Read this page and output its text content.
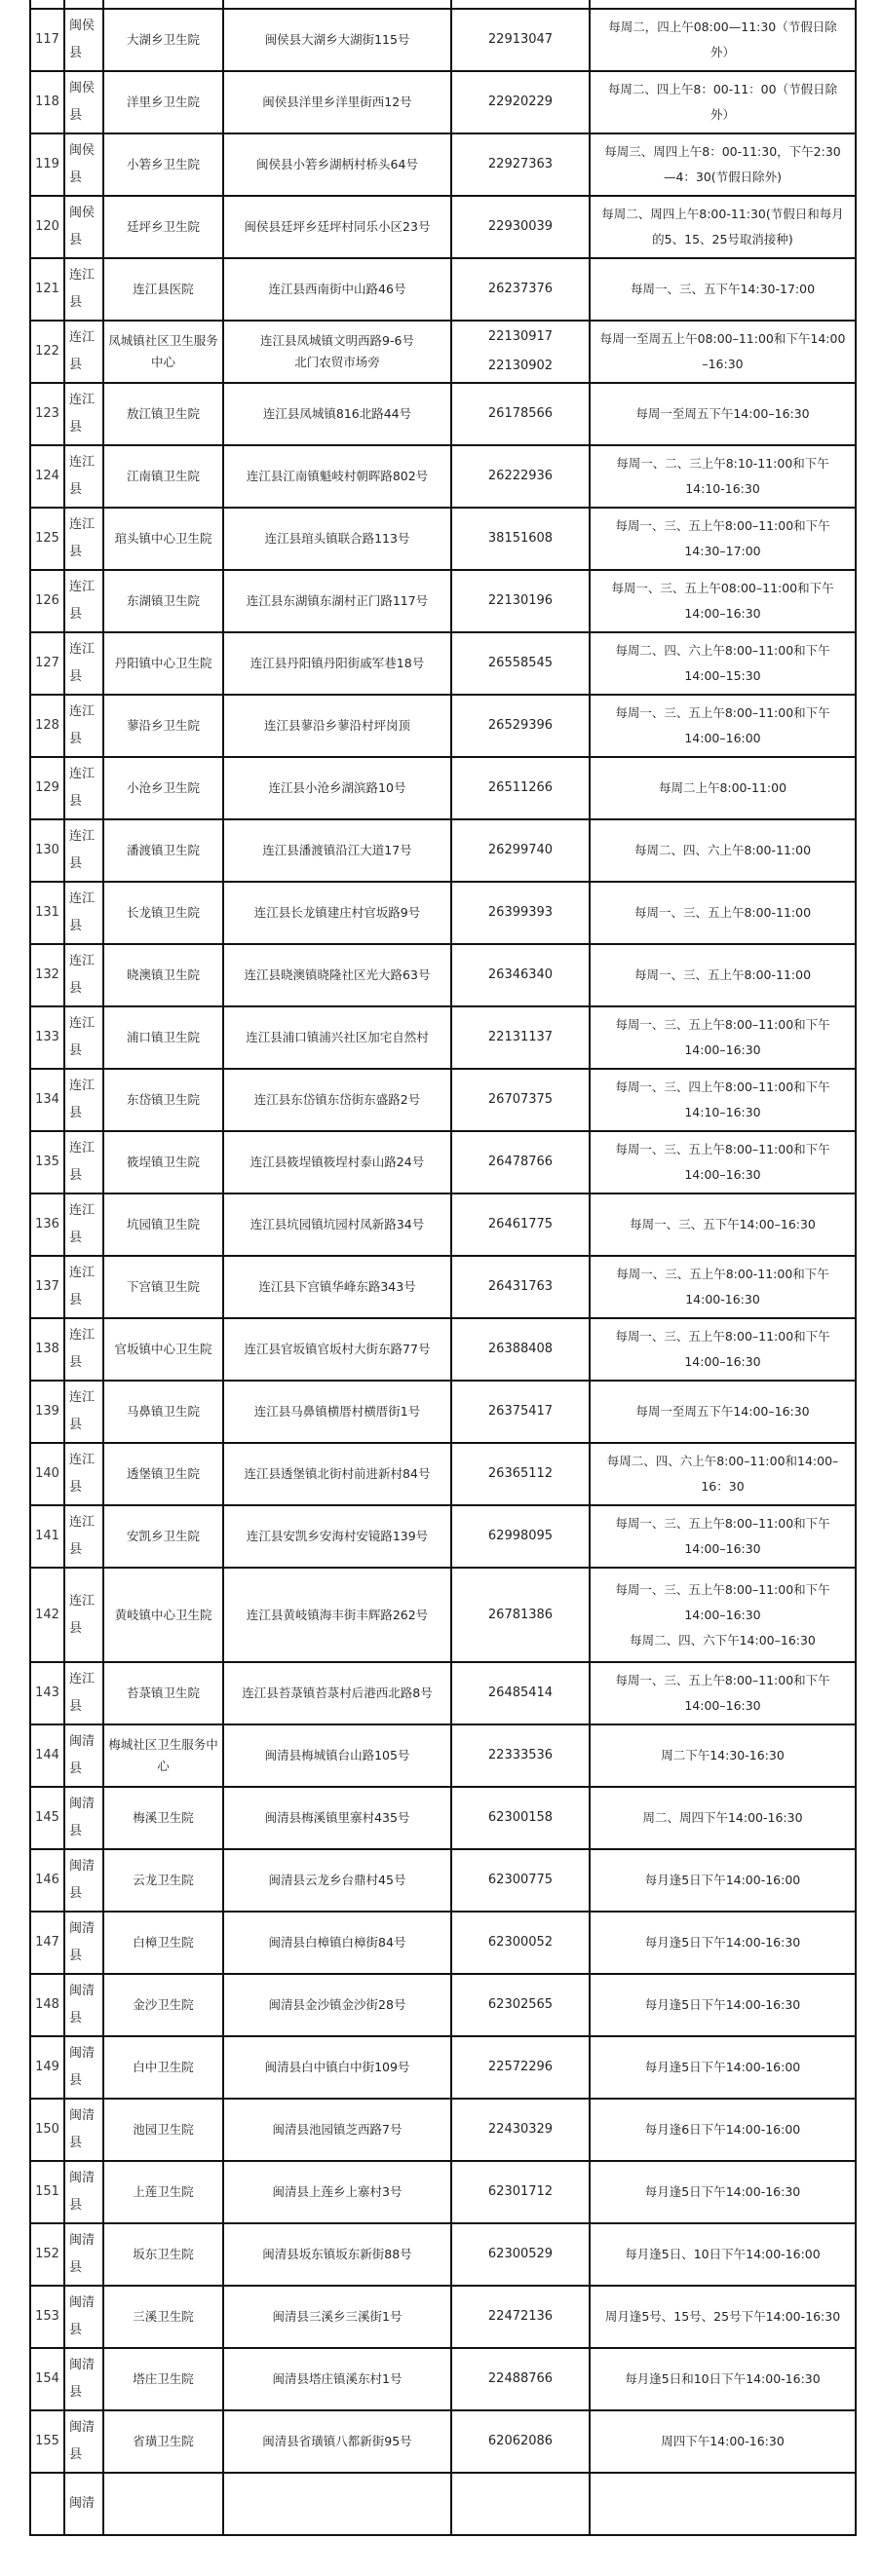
117	闽侯县	大湖乡卫生院	闽侯县大湖乡大湖街115号	22913047	每周二，四上午08:00—11:30（节假日除
外）

118	闽侯县	洋里乡卫生院	闽侯县洋里乡洋里街西12号	22920229	每周二、四上午8：00-11：00（节假日除
外）

119	闽侯县	小箬乡卫生院	闽侯县小箬乡湖柄村桥头64号	22927363	每周三、周四上午8：00-11:30，下午2:30
—4：30(节假日除外)

120	闽侯县	廷坪乡卫生院	闽侯县廷坪乡廷坪村同乐小区23号	22930039	每周二、周四上午8:00-11:30(节假日和每月
的5、15、25号取消接种)

121	连江县	连江县医院	连江县西南街中山路46号	26237376	每周一、三、五下午14:30-17:00

122	连江县	凤城镇社区卫生服务中心	连江县凤城镇文明西路9-6号
北门农贸市场旁	22130917
22130902	每周一至周五上午08:00–11:00和下午14:00
–16:30

123	连江县	敖江镇卫生院	连江县凤城镇816北路44号	26178566	每周一至周五下午14:00–16:30

124	连江县	江南镇卫生院	连江县江南镇魁岐村朝晖路802号	26222936	每周一、二、三上午8:10-11:00和下午
14:10-16:30

125	连江县	琯头镇中心卫生院	连江县琯头镇联合路113号	38151608	每周一、三、五上午8:00–11:00和下午
14:30–17:00

126	连江县	东湖镇卫生院	连江县东湖镇东湖村正门路117号	22130196	每周一、三、五上午08:00–11:00和下午
14:00–16:30

127	连江县	丹阳镇中心卫生院	连江县丹阳镇丹阳街戚军巷18号	26558545	每周二、四、六上午8:00–11:00和下午
14:00–15:30

128	连江县	蓼沿乡卫生院	连江县蓼沿乡蓼沿村坪岗顶	26529396	每周一、三、五上午8:00–11:00和下午
14:00–16:00

129	连江县	小沧乡卫生院	连江县小沧乡湖滨路10号	26511266	每周二上午8:00-11:00

130	连江县	潘渡镇卫生院	连江县潘渡镇沿江大道17号	26299740	每周二、四、六上午8:00-11:00

131	连江县	长龙镇卫生院	连江县长龙镇建庄村官坂路9号	26399393	每周一、三、五上午8:00-11:00

132	连江县	晓澳镇卫生院	连江县晓澳镇晓隆社区光大路63号	26346340	每周一、三、五上午8:00-11:00

133	连江县	浦口镇卫生院	连江县浦口镇浦兴社区加宅自然村	22131137	每周一、三、五上午8:00–11:00和下午
14:00–16:30

134	连江县	东岱镇卫生院	连江县东岱镇东岱街东盛路2号	26707375	每周一、三、四上午8:00–11:00和下午
14:10–16:30

135	连江县	筱埕镇卫生院	连江县筱埕镇筱埕村泰山路24号	26478766	每周一、三、五上午8:00–11:00和下午
14:00–16:30

136	连江县	坑园镇卫生院	连江县坑园镇坑园村凤新路34号	26461775	每周一、三、五下午14:00–16:30

137	连江县	下宫镇卫生院	连江县下宫镇华峰东路343号	26431763	每周一、三、五上午8:00-11:00和下午
14:00-16:30

138	连江县	官坂镇中心卫生院	连江县官坂镇官坂村大街东路77号	26388408	每周一、三、五上午8:00–11:00和下午
14:00–16:30

139	连江县	马鼻镇卫生院	连江县马鼻镇横厝村横厝街1号	26375417	每周一至周五下午14:00–16:30

140	连江县	透堡镇卫生院	连江县透堡镇北街村前进新村84号	26365112	每周二、四、六上午8:00–11:00和14:00–
16：30

141	连江县	安凯乡卫生院	连江县安凯乡安海村安镜路139号	62998095	每周一、三、五上午8:00–11:00和下午
14:00–16:30

142	连江县	黄岐镇中心卫生院	连江县黄岐镇海丰街丰辉路262号	26781386	每周一、三、五上午8:00–11:00和下午
14:00–16:30
每周二、四、六下午14:00–16:30

143	连江县	苔菉镇卫生院	连江县苔菉镇苔菉村后港西北路8号	26485414	每周一、三、五上午8:00–11:00和下午
14:00–16:30

144	闽清县	梅城社区卫生服务中心	闽清县梅城镇台山路105号	22333536	周二下午14:30-16:30

145	闽清县	梅溪卫生院	闽清县梅溪镇里寨村435号	62300158	周二、周四下午14:00-16:30

146	闽清县	云龙卫生院	闽清县云龙乡台鼎村45号	62300775	每月逢5日下午14:00-16:00

147	闽清县	白樟卫生院	闽清县白樟镇白樟街84号	62300052	每月逢5日下午14:00-16:30

148	闽清县	金沙卫生院	闽清县金沙镇金沙街28号	62302565	每月逢5日下午14:00-16:30

149	闽清县	白中卫生院	闽清县白中镇白中街109号	22572296	每月逢5日下午14:00-16:00

150	闽清县	池园卫生院	闽清县池园镇芝西路7号	22430329	每月逢6日下午14:00-16:00

151	闽清县	上莲卫生院	闽清县上莲乡上寨村3号	62301712	每月逢5日下午14:00-16:30

152	闽清县	坂东卫生院	闽清县坂东镇坂东新街88号	62300529	每月逢5日、10日下午14:00-16:00

153	闽清县	三溪卫生院	闽清县三溪乡三溪街1号	22472136	周月逢5号、15号、25号下午14:00-16:30

154	闽清县	塔庄卫生院	闽清县塔庄镇溪东村1号	22488766	每月逢5日和10日下午14:00-16:30

155	闽清县	省璜卫生院	闽清县省璜镇八都新街95号	62062086	周四下午14:00-16:30

	闽清				
